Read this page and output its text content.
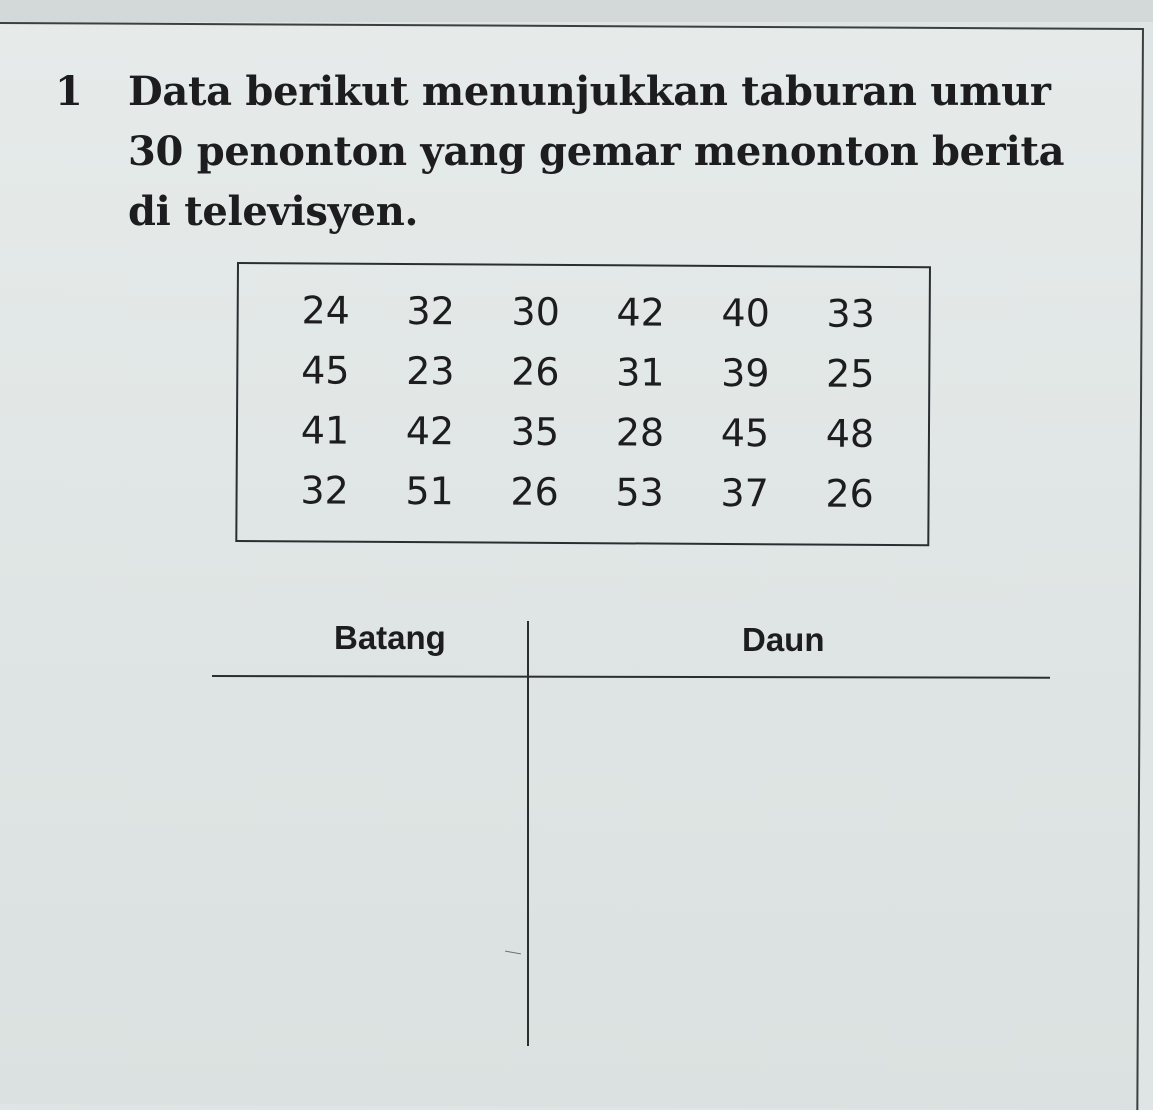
1 Data berikut menunjukkan taburan umur
30 penonton yang gemar menonton berita
di televisyen.
24	32	30	42	40	33
45	23	26	31	39	25
41	42	35	28	45	48
32	51	26	53	37	26
Batang	Daun
